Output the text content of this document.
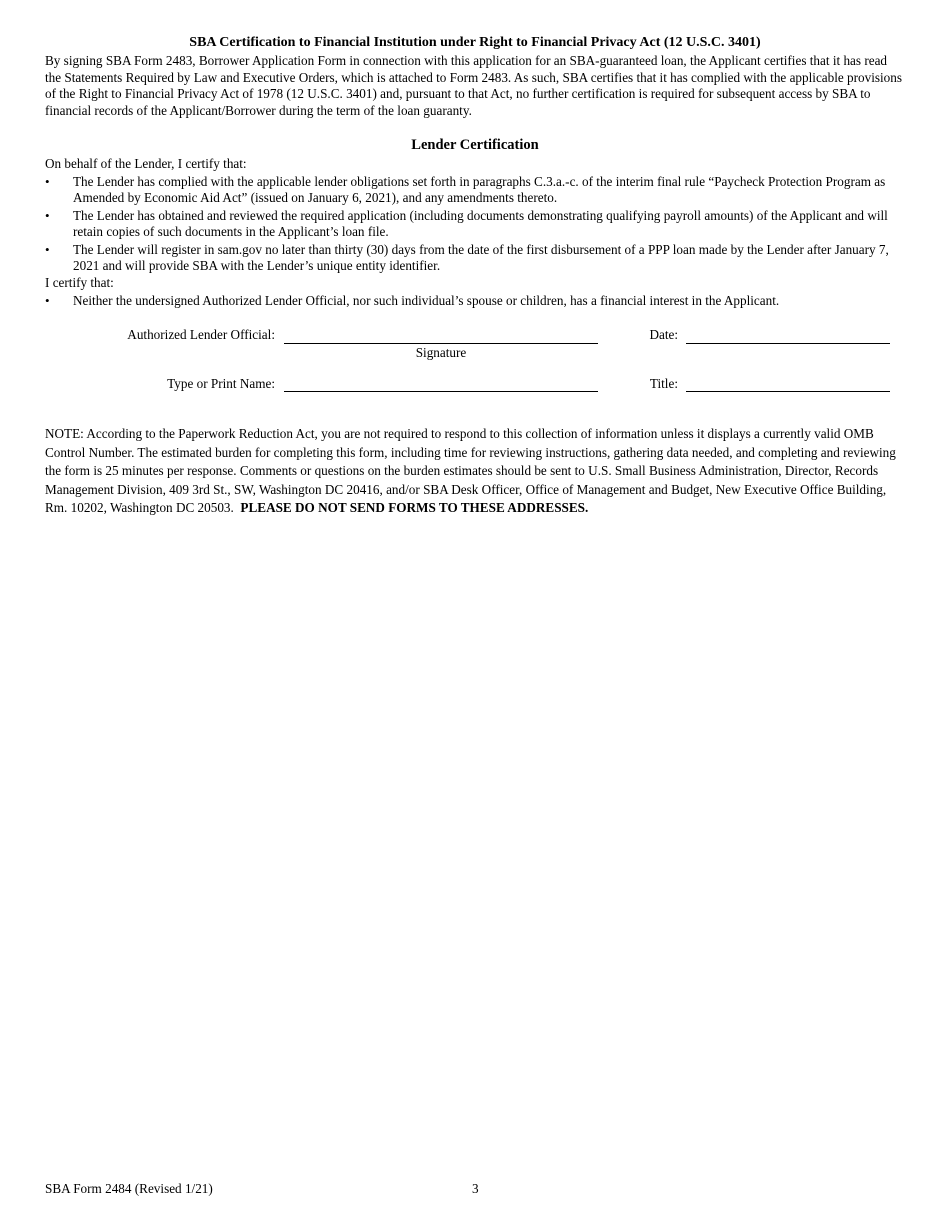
SBA Certification to Financial Institution under Right to Financial Privacy Act (12 U.S.C. 3401)
By signing SBA Form 2483, Borrower Application Form in connection with this application for an SBA-guaranteed loan, the Applicant certifies that it has read the Statements Required by Law and Executive Orders, which is attached to Form 2483. As such, SBA certifies that it has complied with the applicable provisions of the Right to Financial Privacy Act of 1978 (12 U.S.C. 3401) and, pursuant to that Act, no further certification is required for subsequent access by SBA to financial records of the Applicant/Borrower during the term of the loan guaranty.
Lender Certification
On behalf of the Lender, I certify that:
• The Lender has complied with the applicable lender obligations set forth in paragraphs C.3.a.-c. of the interim final rule “Paycheck Protection Program as Amended by Economic Aid Act” (issued on January 6, 2021), and any amendments thereto.
• The Lender has obtained and reviewed the required application (including documents demonstrating qualifying payroll amounts) of the Applicant and will retain copies of such documents in the Applicant’s loan file.
• The Lender will register in sam.gov no later than thirty (30) days from the date of the first disbursement of a PPP loan made by the Lender after January 7, 2021 and will provide SBA with the Lender’s unique entity identifier.
I certify that:
• Neither the undersigned Authorized Lender Official, nor such individual’s spouse or children, has a financial interest in the Applicant.
Authorized Lender Official:
Signature
Date:
Type or Print Name:	Title:
NOTE: According to the Paperwork Reduction Act, you are not required to respond to this collection of information unless it displays a currently valid OMB Control Number. The estimated burden for completing this form, including time for reviewing instructions, gathering data needed, and completing and reviewing the form is 25 minutes per response. Comments or questions on the burden estimates should be sent to U.S. Small Business Administration, Director, Records Management Division, 409 3rd St., SW, Washington DC 20416, and/or SBA Desk Officer, Office of Management and Budget, New Executive Office Building, Rm. 10202, Washington DC 20503. PLEASE DO NOT SEND FORMS TO THESE ADDRESSES.
SBA Form 2484 (Revised 1/21)	3
